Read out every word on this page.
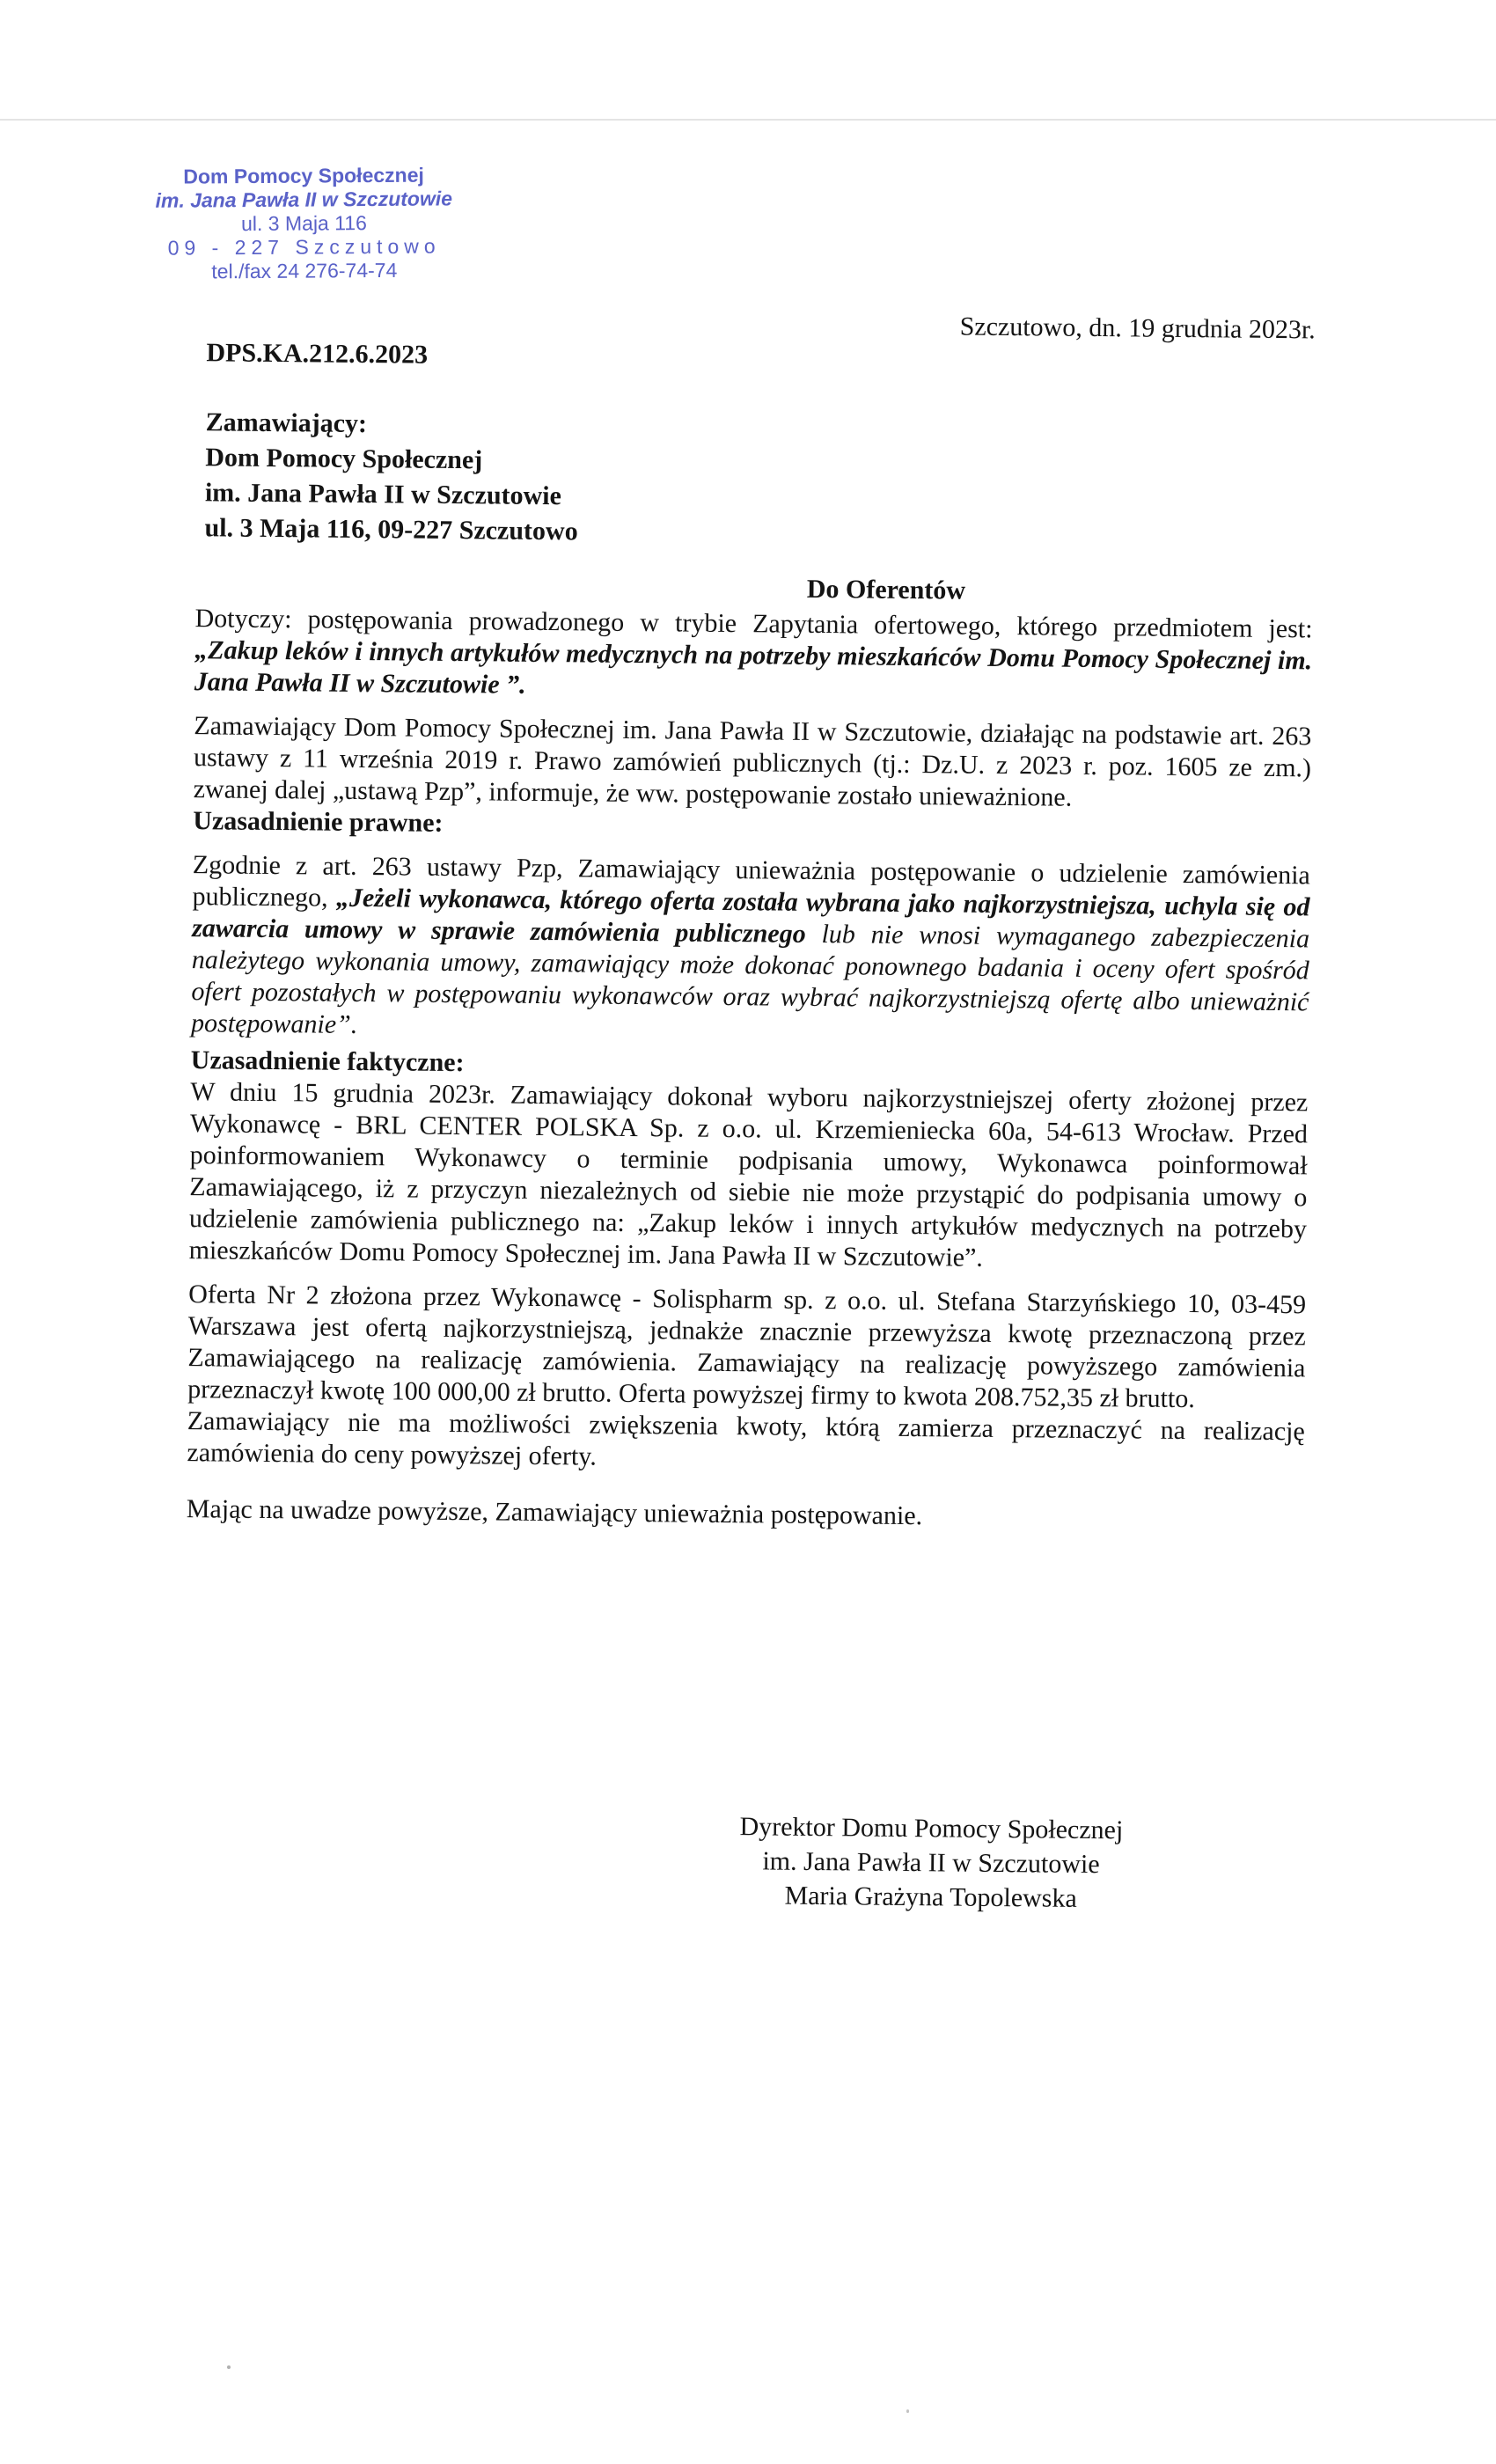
Dom Pomocy Społecznej
im. Jana Pawła II w Szczutowie
ul. 3 Maja 116
09 - 227 Szczutowo
tel./fax 24 276-74-74
Szczutowo, dn. 19 grudnia 2023r.
DPS.KA.212.6.2023
Zamawiający:
Dom Pomocy Społecznej
im. Jana Pawła II w Szczutowie
ul. 3 Maja 116, 09-227 Szczutowo
Do Oferentów

Dotyczy: postępowania prowadzonego w trybie Zapytania ofertowego, którego przedmiotem jest: „Zakup leków i innych artykułów medycznych na potrzeby mieszkańców Domu Pomocy Społecznej im. Jana Pawła II w Szczutowie ”.

Zamawiający Dom Pomocy Społecznej im. Jana Pawła II w Szczutowie, działając na podstawie art. 263 ustawy z 11 września 2019 r. Prawo zamówień publicznych (tj.: Dz.U. z 2023 r. poz. 1605 ze zm.) zwanej dalej „ustawą Pzp”, informuje, że ww. postępowanie zostało unieważnione.

Uzasadnienie prawne:

Zgodnie z art. 263 ustawy Pzp, Zamawiający unieważnia postępowanie o udzielenie zamówienia publicznego, „Jeżeli wykonawca, którego oferta została wybrana jako najkorzystniejsza, uchyla się od zawarcia umowy w sprawie zamówienia publicznego lub nie wnosi wymaganego zabezpieczenia należytego wykonania umowy, zamawiający może dokonać ponownego badania i oceny ofert spośród ofert pozostałych w postępowaniu wykonawców oraz wybrać najkorzystniejszą ofertę albo unieważnić postępowanie”.

Uzasadnienie faktyczne:

W dniu 15 grudnia 2023r. Zamawiający dokonał wyboru najkorzystniejszej oferty złożonej przez Wykonawcę - BRL CENTER POLSKA Sp. z o.o. ul. Krzemieniecka 60a, 54-613 Wrocław. Przed poinformowaniem Wykonawcy o terminie podpisania umowy, Wykonawca poinformował Zamawiającego, iż z przyczyn niezależnych od siebie nie może przystąpić do podpisania umowy o udzielenie zamówienia publicznego na: „Zakup leków i innych artykułów medycznych na potrzeby mieszkańców Domu Pomocy Społecznej im. Jana Pawła II w Szczutowie”.

Oferta Nr 2 złożona przez Wykonawcę - Solispharm sp. z o.o. ul. Stefana Starzyńskiego 10, 03-459 Warszawa jest ofertą najkorzystniejszą, jednakże znacznie przewyższa kwotę przeznaczoną przez Zamawiającego na realizację zamówienia. Zamawiający na realizację powyższego zamówienia przeznaczył kwotę 100 000,00 zł brutto. Oferta powyższej firmy to kwota 208.752,35 zł brutto.

Zamawiający nie ma możliwości zwiększenia kwoty, którą zamierza przeznaczyć na realizację zamówienia do ceny powyższej oferty.

Mając na uwadze powyższe, Zamawiający unieważnia postępowanie.

Dyrektor Domu Pomocy Społecznej
im. Jana Pawła II w Szczutowie
Maria Grażyna Topolewska
